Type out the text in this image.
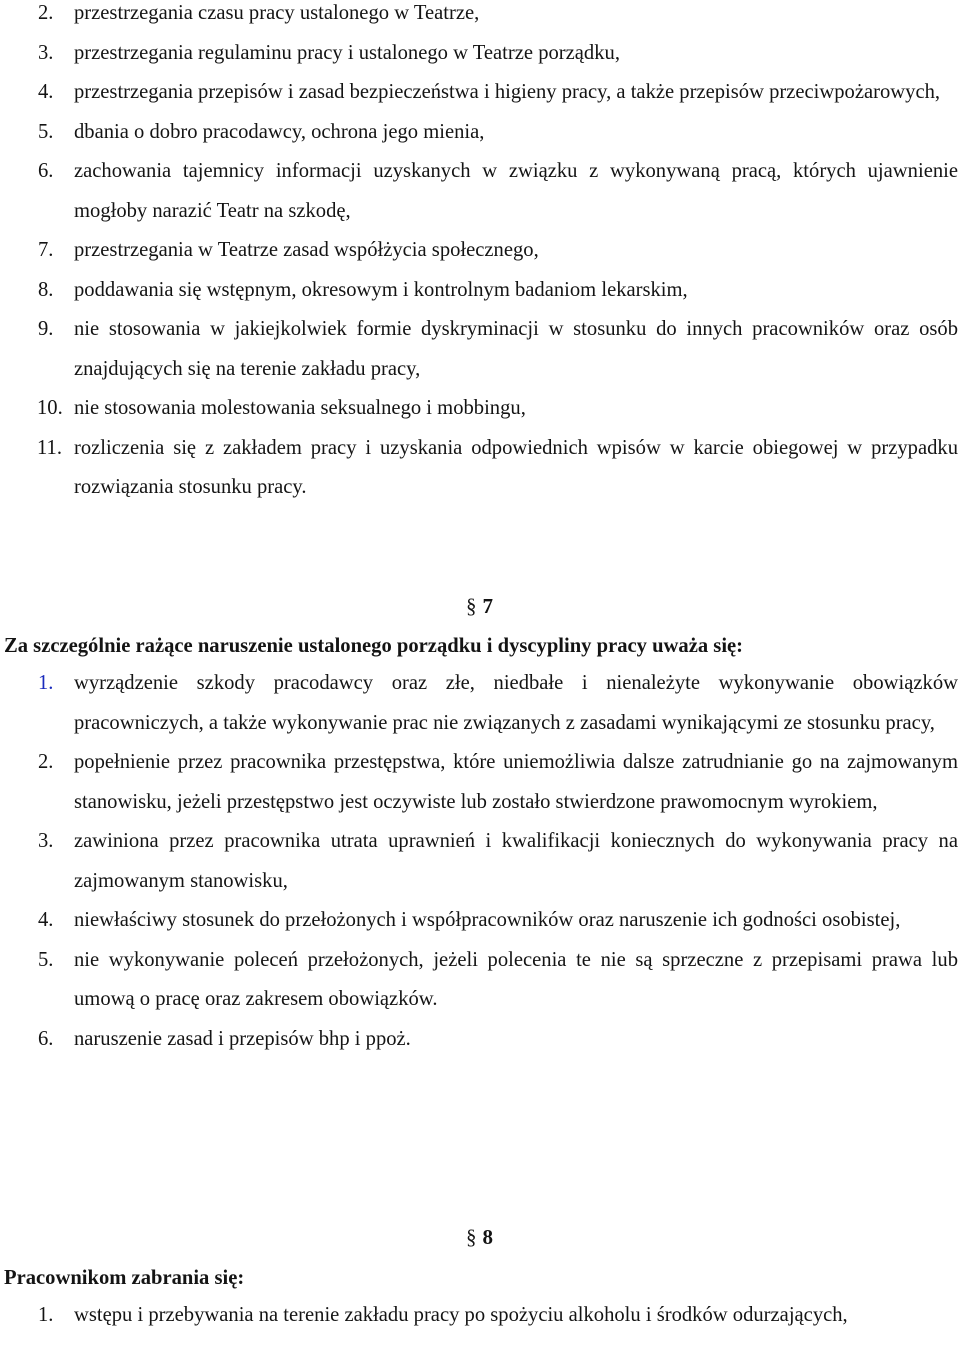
2. przestrzegania czasu pracy ustalonego w Teatrze,
3. przestrzegania regulaminu pracy i ustalonego w Teatrze porządku,
4. przestrzegania przepisów i zasad bezpieczeństwa i higieny pracy, a także przepisów przeciwpożarowych,
5. dbania o dobro pracodawcy, ochrona jego mienia,
6. zachowania tajemnicy informacji uzyskanych w związku z wykonywaną pracą, których ujawnienie mogłoby narazić Teatr na szkodę,
7. przestrzegania w Teatrze zasad współżycia społecznego,
8. poddawania się wstępnym, okresowym i kontrolnym badaniom lekarskim,
9. nie stosowania w jakiejkolwiek formie dyskryminacji w stosunku do innych pracowników oraz osób znajdujących się na terenie zakładu pracy,
10. nie stosowania molestowania seksualnego i mobbingu,
11. rozliczenia się z zakładem pracy i uzyskania odpowiednich wpisów w karcie obiegowej w przypadku rozwiązania stosunku pracy.
§ 7
Za szczególnie rażące naruszenie ustalonego porządku i dyscypliny pracy uważa się:
1. wyrządzenie szkody pracodawcy oraz złe, niedbałe i nienależyte wykonywanie obowiązków pracowniczych, a także wykonywanie prac nie związanych z zasadami wynikającymi ze stosunku pracy,
2. popełnienie przez pracownika przestępstwa, które uniemożliwia dalsze zatrudnianie go na zajmowanym stanowisku, jeżeli przestępstwo jest oczywiste lub zostało stwierdzone prawomocnym wyrokiem,
3. zawiniona przez pracownika utrata uprawnień i kwalifikacji koniecznych do wykonywania pracy na zajmowanym stanowisku,
4. niewłaściwy stosunek do przełożonych i współpracowników oraz naruszenie ich godności osobistej,
5. nie wykonywanie poleceń przełożonych, jeżeli polecenia te nie są sprzeczne z przepisami prawa lub umową o pracę oraz zakresem obowiązków.
6. naruszenie zasad i przepisów bhp i ppoż.
§ 8
Pracownikom zabrania się:
1. wstępu i przebywania na terenie zakładu pracy po spożyciu alkoholu i środków odurzających,
